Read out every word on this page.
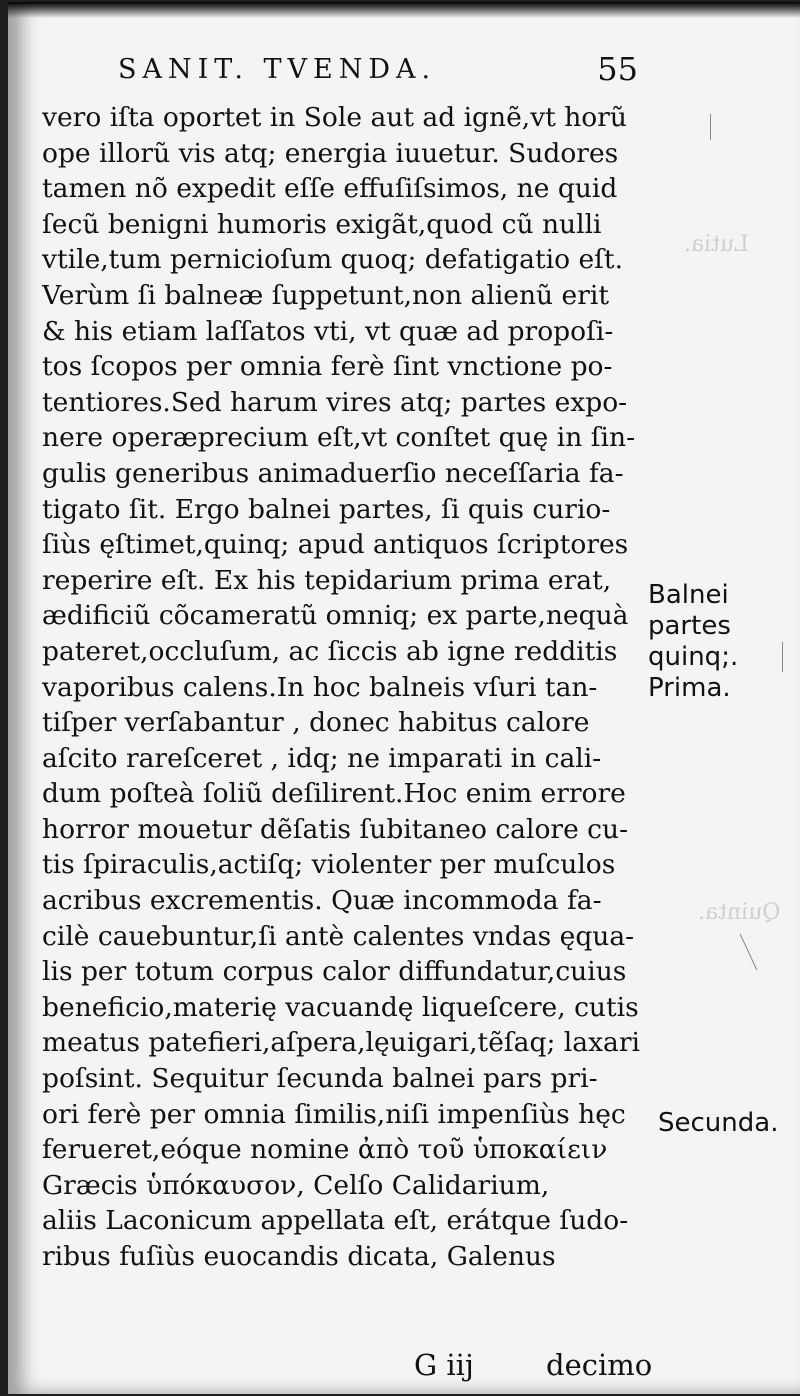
Lutia.
Quinta.
SANIT. TVENDA.	55
vero iſta oportet in Sole aut ad ignẽ,vt horũ
ope illorũ vis atq; energia iuuetur. Sudores
tamen nõ expedit eſſe effuſiſsimos, ne quid
ſecũ benigni humoris exigãt,quod cũ nulli
vtile,tum pernicioſum quoq; defatigatio eſt.
Verùm ſi balneæ ſuppetunt,non alienũ erit
& his etiam laſſatos vti, vt quæ ad propoſi-
tos ſcopos per omnia ferè ſint vnctione po-
tentiores.Sed harum vires atq; partes expo-
nere operæprecium eſt,vt conſtet quę in ſin-
gulis generibus animaduerſio neceſſaria fa-
tigato ſit. Ergo balnei partes, ſi quis curio-
ſiùs ęſtimet,quinq; apud antiquos ſcriptores
reperire eſt. Ex his tepidarium prima erat,
ædificiũ cõcameratũ omniq; ex parte,nequà
pateret,occluſum, ac ſiccis ab igne redditis
vaporibus calens.In hoc balneis vſuri tan-
tiſper verſabantur , donec habitus calore
aſcito rareſceret , idq; ne imparati in cali-
dum poſteà ſoliũ deſilirent.Hoc enim errore
horror mouetur dẽſatis ſubitaneo calore cu-
tis ſpiraculis,actiſq; violenter per muſculos
acribus excrementis. Quæ incommoda fa-
cilè cauebuntur,ſi antè calentes vndas ęqua-
lis per totum corpus calor diffundatur,cuius
beneficio,materię vacuandę liqueſcere, cutis
meatus patefieri,aſpera,lęuigari,tẽſaq; laxari
poſsint. Sequitur ſecunda balnei pars pri-
ori ferè per omnia ſimilis,niſi impenſiùs hęc
ferueret,eóque nomine ἀπὸ τοῦ ὑποκαίειν
Græcis ὑπόκαυσον, Celſo Calidarium,
aliis Laconicum appellata eſt, erátque ſudo-
ribus fuſiùs euocandis dicata, Galenus
Balnei
partes
quinq;.
Prima.
Secunda.
G iij decimo
